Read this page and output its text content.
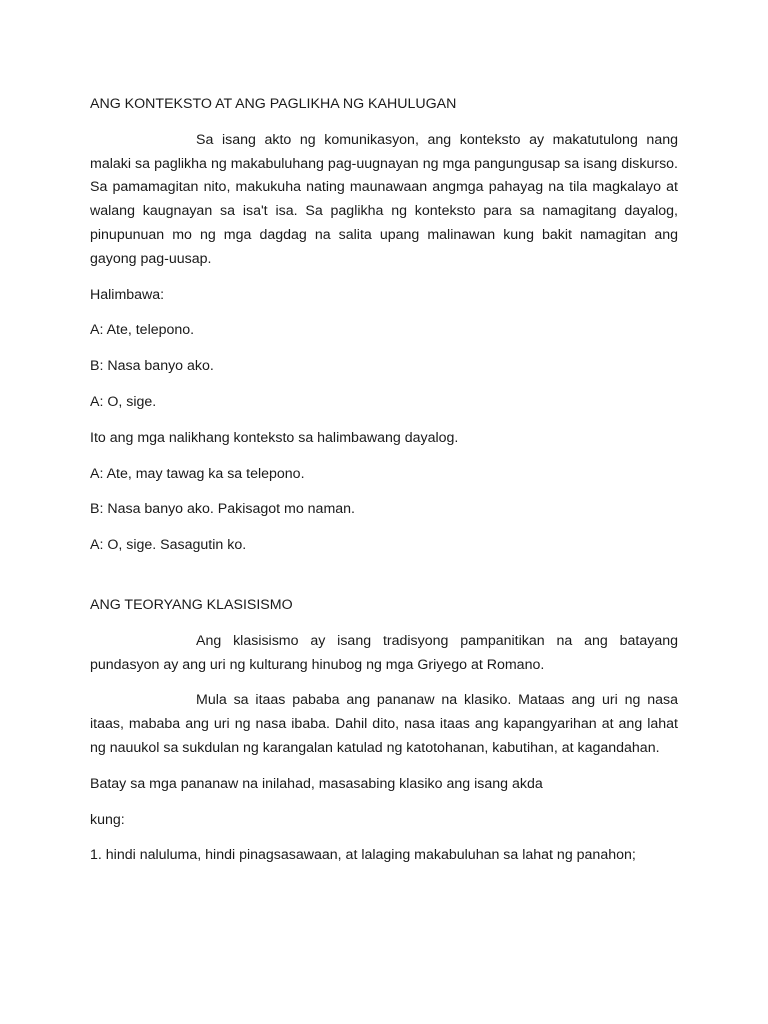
ANG KONTEKSTO AT ANG PAGLIKHA NG KAHULUGAN

Sa isang akto ng komunikasyon, ang konteksto ay makatutulong nang malaki sa paglikha ng makabuluhang pag-uugnayan ng mga pangungusap sa isang diskurso. Sa pamamagitan nito, makukuha nating maunawaan angmga pahayag na tila magkalayo at walang kaugnayan sa isa't isa. Sa paglikha ng konteksto para sa namagitang dayalog, pinupunuan mo ng mga dagdag na salita upang malinawan kung bakit namagitan ang gayong pag-uusap.

Halimbawa:

A: Ate, telepono.

B: Nasa banyo ako.

A: O, sige.

Ito ang mga nalikhang konteksto sa halimbawang dayalog.

A: Ate, may tawag ka sa telepono.

B: Nasa banyo ako. Pakisagot mo naman.

A: O, sige. Sasagutin ko.

ANG TEORYANG KLASISISMO

Ang klasisismo ay isang tradisyong pampanitikan na ang batayang pundasyon ay ang uri ng kulturang hinubog ng mga Griyego at Romano.

Mula sa itaas pababa ang pananaw na klasiko. Mataas ang uri ng nasa itaas, mababa ang uri ng nasa ibaba. Dahil dito, nasa itaas ang kapangyarihan at ang lahat ng nauukol sa sukdulan ng karangalan katulad ng katotohanan, kabutihan, at kagandahan.

Batay sa mga pananaw na inilahad, masasabing klasiko ang isang akda

kung:

1. hindi naluluma, hindi pinagsasawaan, at lalaging makabuluhan sa lahat ng panahon;
